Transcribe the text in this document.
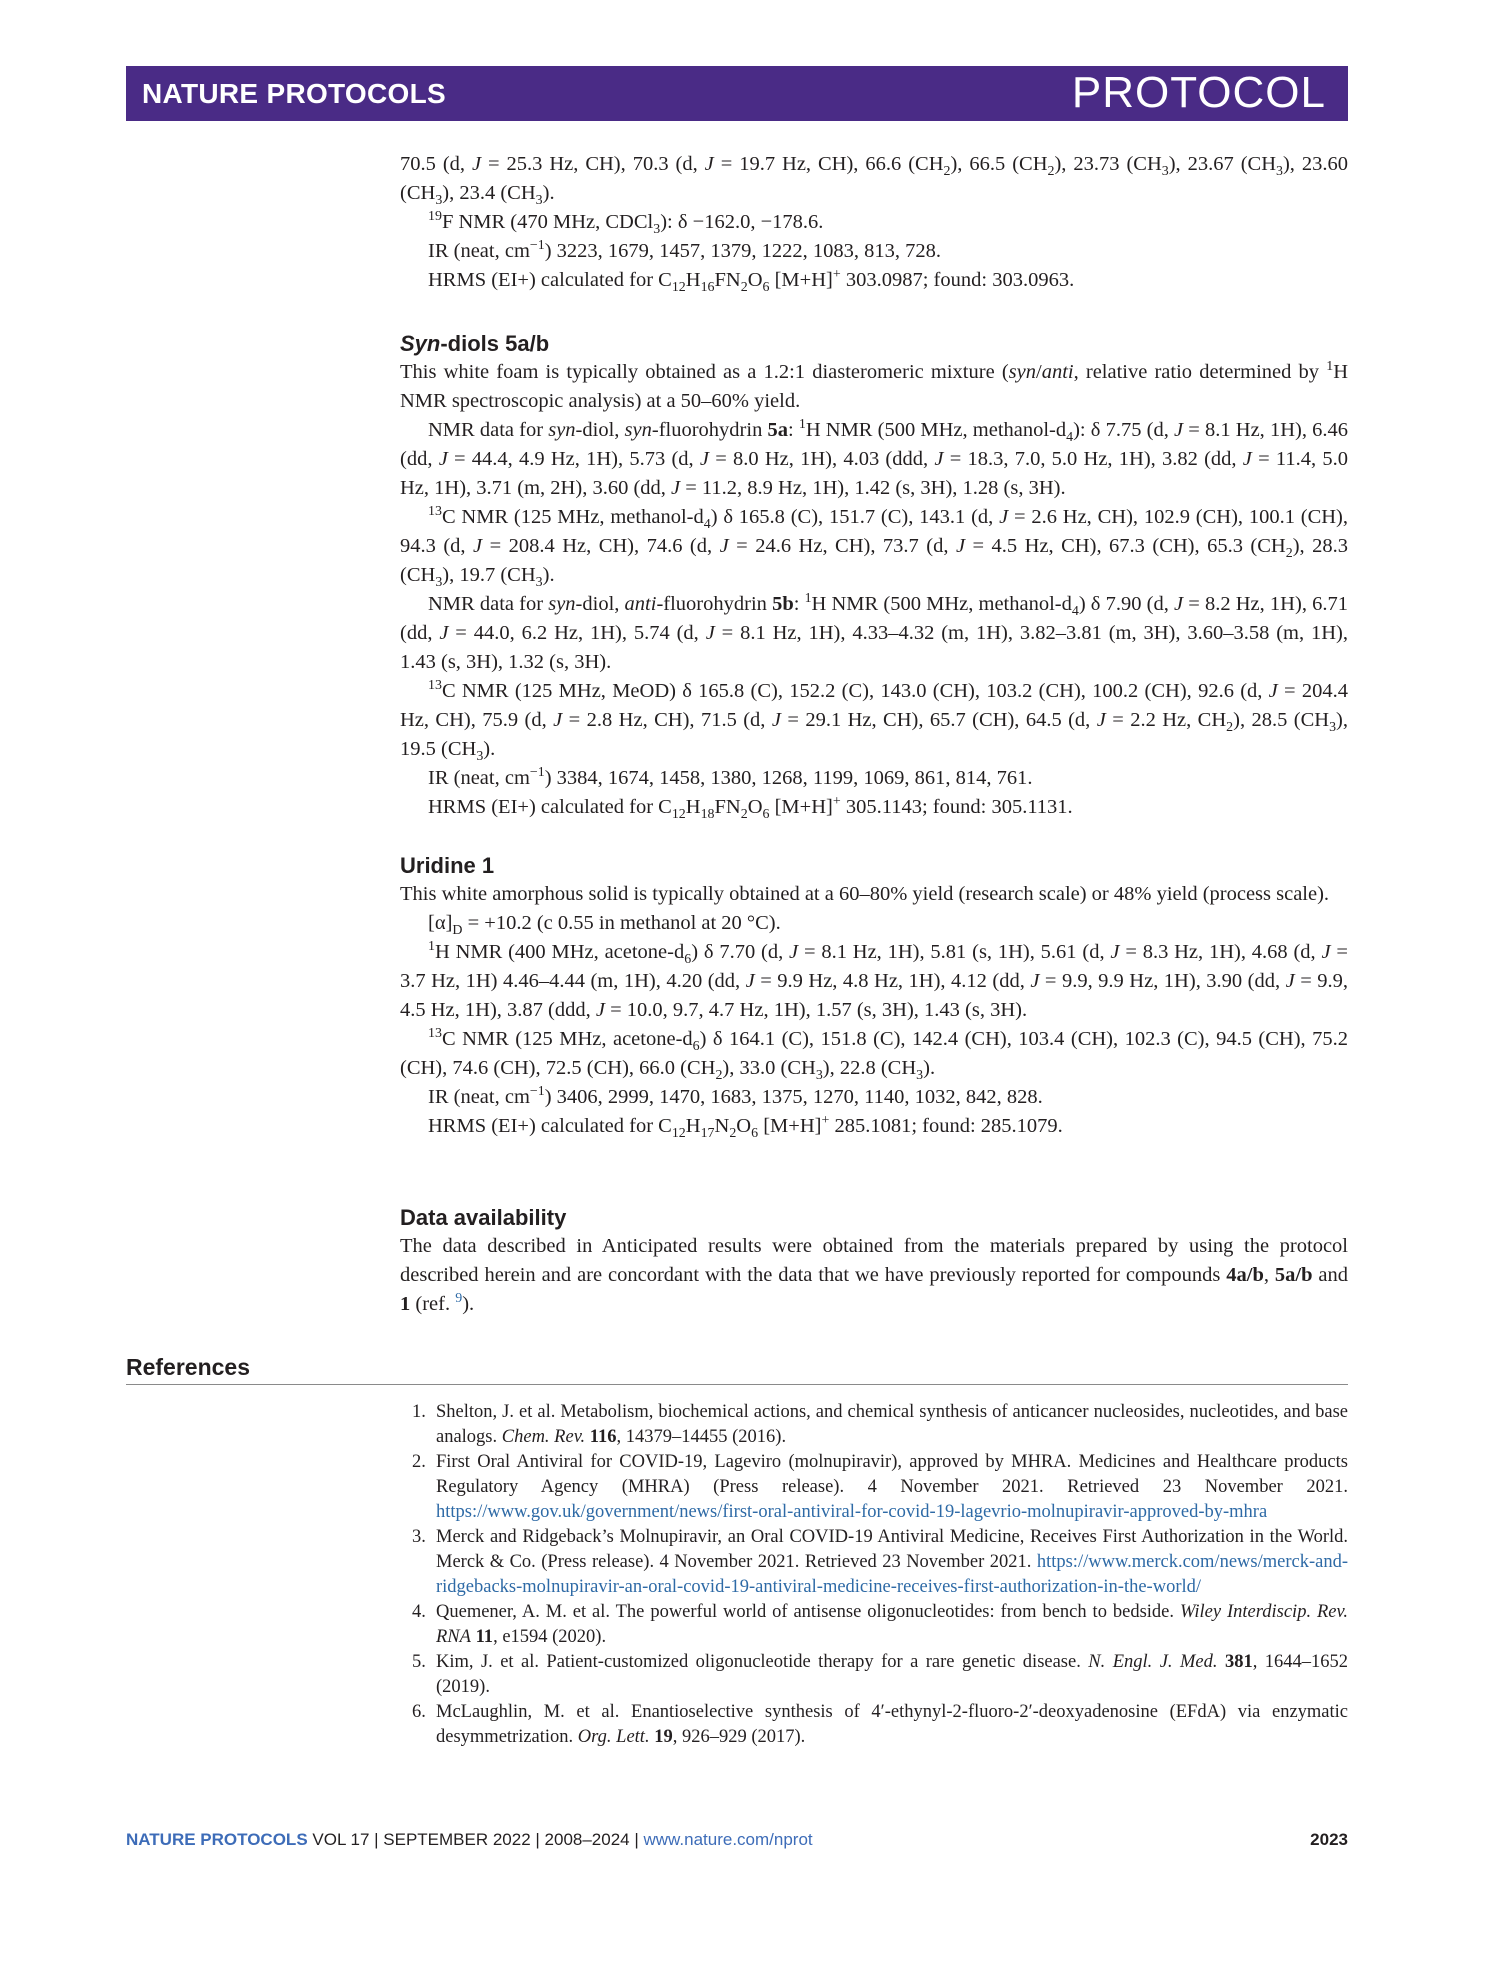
NATURE PROTOCOLS	PROTOCOL

70.5 (d, J = 25.3 Hz, CH), 70.3 (d, J = 19.7 Hz, CH), 66.6 $(CH_2)$, 66.5 $(CH_2)$, 23.73 $(CH_3)$, 23.67 $(CH_3)$, 23.60 $(CH_3)$, 23.4 $(CH_3)$.

$^{19}$F NMR (470 MHz, CDCl$_3$): δ −162.0, −178.6.

IR (neat, $cm^{-1}$) 3223, 1679, 1457, 1379, 1222, 1083, 813, 728.

HRMS (EI+) calculated for $C_{12}H_{16}FN_2O_6$ [M+H]+ 303.0987; found: 303.0963.

Syn-diols 5a/b

This white foam is typically obtained as a 1.2:1 diasteromeric mixture (syn/anti, relative ratio determined by $^1$H NMR spectroscopic analysis) at a 50–60% yield.

NMR data for syn-diol, syn-fluorohydrin 5a: $^1$H NMR (500 MHz, methanol-$d_4$): δ 7.75 (d, J = 8.1 Hz, 1H), 6.46 (dd, J = 44.4, 4.9 Hz, 1H), 5.73 (d, J = 8.0 Hz, 1H), 4.03 (ddd, J = 18.3, 7.0, 5.0 Hz, 1H), 3.82 (dd, J = 11.4, 5.0 Hz, 1H), 3.71 (m, 2H), 3.60 (dd, J = 11.2, 8.9 Hz, 1H), 1.42 (s, 3H), 1.28 (s, 3H).

$^{13}$C NMR (125 MHz, methanol-$d_4$) δ 165.8 (C), 151.7 (C), 143.1 (d, J = 2.6 Hz, CH), 102.9 (CH), 100.1 (CH), 94.3 (d, J = 208.4 Hz, CH), 74.6 (d, J = 24.6 Hz, CH), 73.7 (d, J = 4.5 Hz, CH), 67.3 (CH), 65.3 $(CH_2)$, 28.3 $(CH_3)$, 19.7 $(CH_3)$.

NMR data for syn-diol, anti-fluorohydrin 5b: $^1$H NMR (500 MHz, methanol-$d_4$) δ 7.90 (d, J = 8.2 Hz, 1H), 6.71 (dd, J = 44.0, 6.2 Hz, 1H), 5.74 (d, J = 8.1 Hz, 1H), 4.33–4.32 (m, 1H), 3.82–3.81 (m, 3H), 3.60–3.58 (m, 1H), 1.43 (s, 3H), 1.32 (s, 3H).

$^{13}$C NMR (125 MHz, MeOD) δ 165.8 (C), 152.2 (C), 143.0 (CH), 103.2 (CH), 100.2 (CH), 92.6 (d, J = 204.4 Hz, CH), 75.9 (d, J = 2.8 Hz, CH), 71.5 (d, J = 29.1 Hz, CH), 65.7 (CH), 64.5 (d, J = 2.2 Hz, $CH_2$), 28.5 $(CH_3)$, 19.5 $(CH_3)$.

IR (neat, $cm^{-1}$) 3384, 1674, 1458, 1380, 1268, 1199, 1069, 861, 814, 761.

HRMS (EI+) calculated for $C_{12}H_{18}FN_2O_6$ [M+H]+ 305.1143; found: 305.1131.

Uridine 1

This white amorphous solid is typically obtained at a 60–80% yield (research scale) or 48% yield (process scale).

$[\alpha]_D = +10.2$ (c 0.55 in methanol at 20 °C).

$^1$H NMR (400 MHz, acetone-$d_6$) δ 7.70 (d, J = 8.1 Hz, 1H), 5.81 (s, 1H), 5.61 (d, J = 8.3 Hz, 1H), 4.68 (d, J = 3.7 Hz, 1H) 4.46–4.44 (m, 1H), 4.20 (dd, J = 9.9 Hz, 4.8 Hz, 1H), 4.12 (dd, J = 9.9, 9.9 Hz, 1H), 3.90 (dd, J = 9.9, 4.5 Hz, 1H), 3.87 (ddd, J = 10.0, 9.7, 4.7 Hz, 1H), 1.57 (s, 3H), 1.43 (s, 3H).

$^{13}$C NMR (125 MHz, acetone-$d_6$) δ 164.1 (C), 151.8 (C), 142.4 (CH), 103.4 (CH), 102.3 (C), 94.5 (CH), 75.2 (CH), 74.6 (CH), 72.5 (CH), 66.0 $(CH_2)$, 33.0 $(CH_3)$, 22.8 $(CH_3)$.

IR (neat, $cm^{-1}$) 3406, 2999, 1470, 1683, 1375, 1270, 1140, 1032, 842, 828.

HRMS (EI+) calculated for $C_{12}H_{17}N_2O_6$ [M+H]+ 285.1081; found: 285.1079.

Data availability

The data described in Anticipated results were obtained from the materials prepared by using the protocol described herein and are concordant with the data that we have previously reported for compounds 4a/b, 5a/b and 1 (ref. $^9$).

References
1. Shelton, J. et al. Metabolism, biochemical actions, and chemical synthesis of anticancer nucleosides, nucleotides, and base analogs. Chem. Rev. 116, 14379–14455 (2016).
2. First Oral Antiviral for COVID-19, Lageviro (molnupiravir), approved by MHRA. Medicines and Healthcare products Regulatory Agency (MHRA) (Press release). 4 November 2021. Retrieved 23 November 2021. https://www.gov.uk/government/news/first-oral-antiviral-for-covid-19-lagevrio-molnupiravir-approved-by-mhra
3. Merck and Ridgeback’s Molnupiravir, an Oral COVID-19 Antiviral Medicine, Receives First Authorization in the World. Merck & Co. (Press release). 4 November 2021. Retrieved 23 November 2021. https://www.merck.com/news/merck-and-ridgebacks-molnupiravir-an-oral-covid-19-antiviral-medicine-receives-first-authorization-in-the-world/
4. Quemener, A. M. et al. The powerful world of antisense oligonucleotides: from bench to bedside. Wiley Interdiscip. Rev. RNA 11, e1594 (2020).
5. Kim, J. et al. Patient-customized oligonucleotide therapy for a rare genetic disease. N. Engl. J. Med. 381, 1644–1652 (2019).
6. McLaughlin, M. et al. Enantioselective synthesis of 4′-ethynyl-2-fluoro-2′-deoxyadenosine (EFdA) via enzymatic desymmetrization. Org. Lett. 19, 926–929 (2017).
NATURE PROTOCOLS VOL 17 | SEPTEMBER 2022 | 2008–2024 | www.nature.com/nprot	2023
